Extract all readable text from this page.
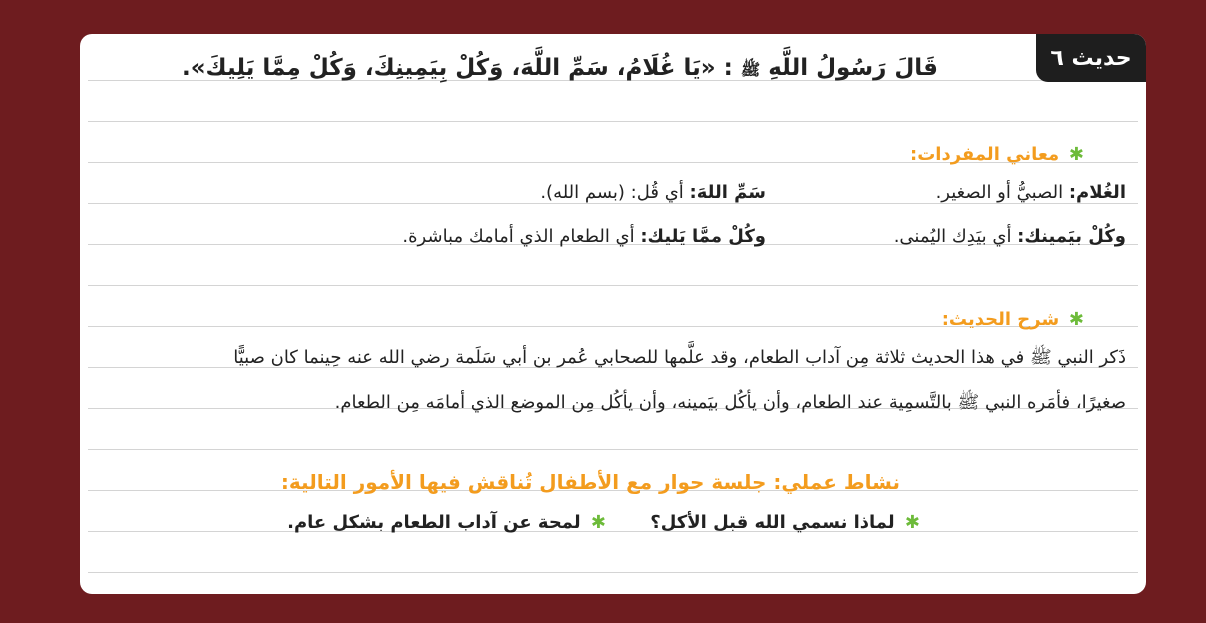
حديث ٦
قَالَ رَسُولُ اللَّهِ ﷺ : «يَا غُلَامُ، سَمِّ اللَّهَ، وَكُلْ بِيَمِينِكَ، وَكُلْ مِمَّا يَلِيكَ».
✱ معاني المفردات:
الغُلام: الصبيُّ أو الصغير.
سَمِّ اللهَ: أي قُل: (بسم الله).
وكُلْ بيَمينك: أي بيَدِك اليُمنى.
وكُلْ ممَّا يَليك: أي الطعام الذي أمامك مباشرة.
✱ شرح الحديث:
ذَكر النبي ﷺ في هذا الحديث ثلاثة مِن آداب الطعام، وقد علَّمها للصحابي عُمر بن أبي سَلَمة رضي الله عنه حِينما كان صبيًّا
صغيرًا، فأمَره النبي ﷺ بالتَّسمِية عند الطعام، وأن يأكُل بيَمينه، وأن يأكُل مِن الموضع الذي أمامَه مِن الطعام.
نشاط عملي: جلسة حوار مع الأطفال تُناقش فيها الأمور التالية:
✱ لماذا نسمي الله قبل الأكل؟
✱ لمحة عن آداب الطعام بشكل عام.
